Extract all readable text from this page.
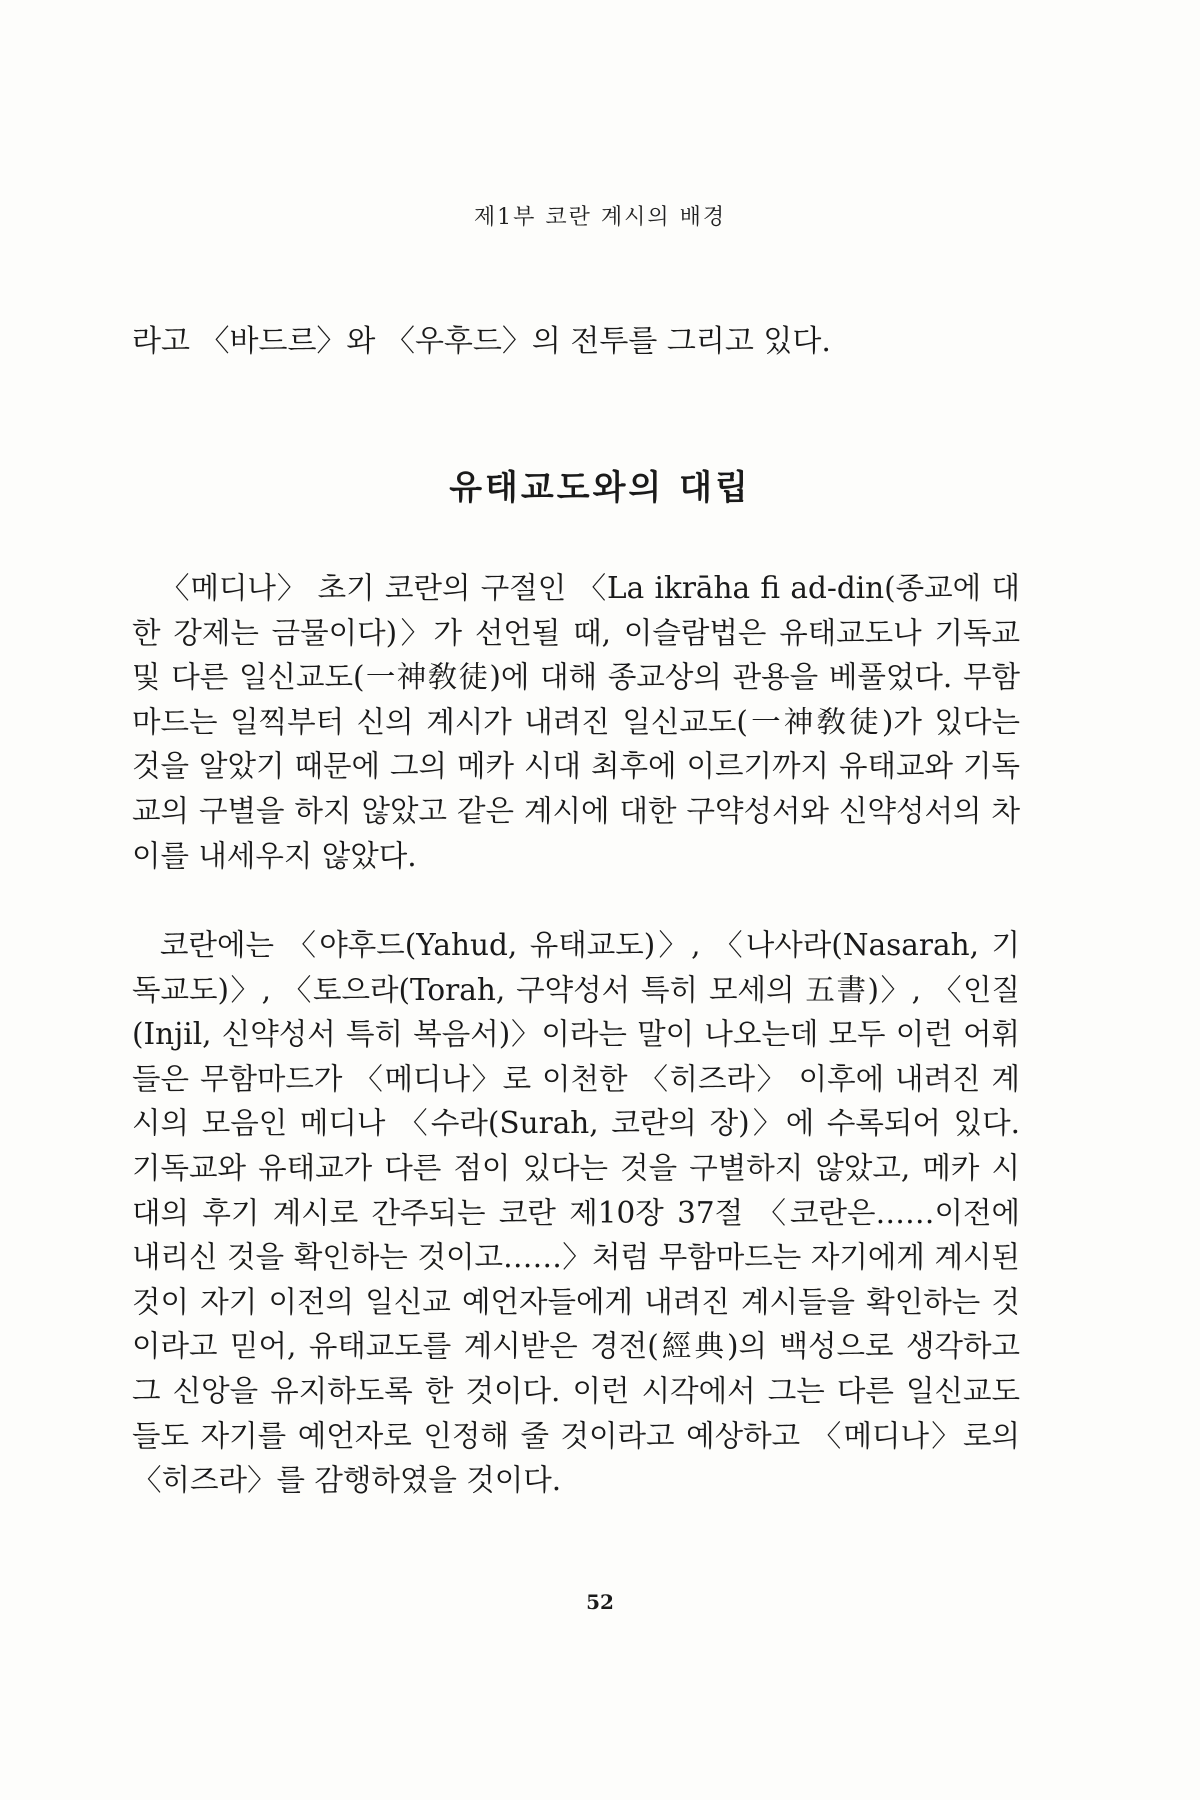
제1부 코란 계시의 배경
라고 〈바드르〉와 〈우후드〉의 전투를 그리고 있다.
유태교도와의 대립

〈메디나〉 초기 코란의 구절인 〈La ikrāha fi ad-din(종교에 대한 강제는 금물이다)〉가 선언될 때, 이슬람법은 유태교도나 기독교 및 다른 일신교도(一神敎徒)에 대해 종교상의 관용을 베풀었다. 무함마드는 일찍부터 신의 계시가 내려진 일신교도(一神敎徒)가 있다는 것을 알았기 때문에 그의 메카 시대 최후에 이르기까지 유태교와 기독교의 구별을 하지 않았고 같은 계시에 대한 구약성서와 신약성서의 차이를 내세우지 않았다.

코란에는 〈야후드(Yahud, 유태교도)〉, 〈나사라(Nasarah, 기독교도)〉, 〈토으라(Torah, 구약성서 특히 모세의 五書)〉, 〈인질(Injil, 신약성서 특히 복음서)〉이라는 말이 나오는데 모두 이런 어휘들은 무함마드가 〈메디나〉로 이천한 〈히즈라〉 이후에 내려진 계시의 모음인 메디나 〈수라(Surah, 코란의 장)〉에 수록되어 있다. 기독교와 유태교가 다른 점이 있다는 것을 구별하지 않았고, 메카 시대의 후기 계시로 간주되는 코란 제10장 37절 〈코란은……이전에 내리신 것을 확인하는 것이고……〉처럼 무함마드는 자기에게 계시된 것이 자기 이전의 일신교 예언자들에게 내려진 계시들을 확인하는 것이라고 믿어, 유태교도를 계시받은 경전(經典)의 백성으로 생각하고 그 신앙을 유지하도록 한 것이다. 이런 시각에서 그는 다른 일신교도들도 자기를 예언자로 인정해 줄 것이라고 예상하고 〈메디나〉로의 〈히즈라〉를 감행하였을 것이다.

52
